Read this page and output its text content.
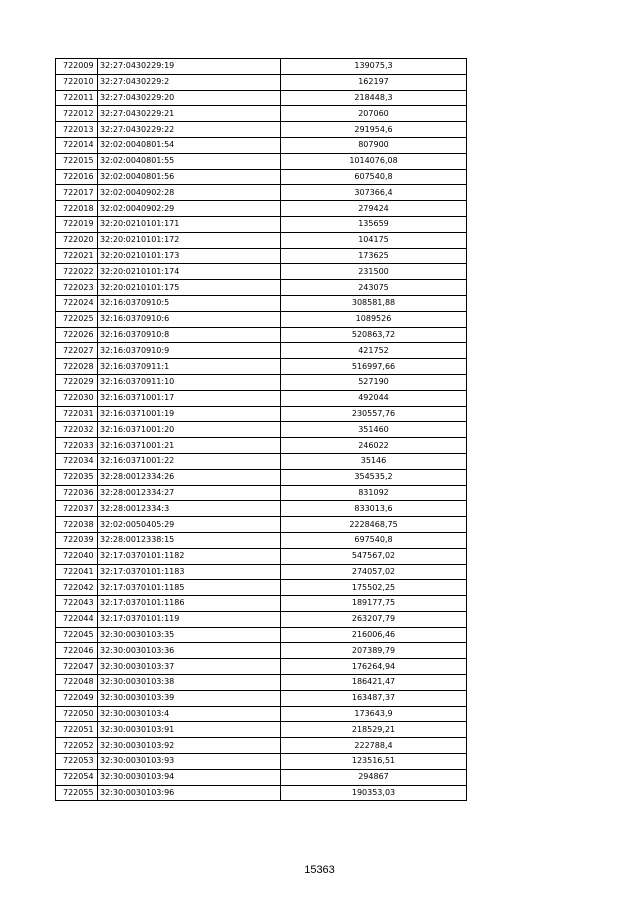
722009	32:27:0430229:19	139075,3
722010	32:27:0430229:2	162197
722011	32:27:0430229:20	218448,3
722012	32:27:0430229:21	207060
722013	32:27:0430229:22	291954,6
722014	32:02:0040801:54	807900
722015	32:02:0040801:55	1014076,08
722016	32:02:0040801:56	607540,8
722017	32:02:0040902:28	307366,4
722018	32:02:0040902:29	279424
722019	32:20:0210101:171	135659
722020	32:20:0210101:172	104175
722021	32:20:0210101:173	173625
722022	32:20:0210101:174	231500
722023	32:20:0210101:175	243075
722024	32:16:0370910:5	308581,88
722025	32:16:0370910:6	1089526
722026	32:16:0370910:8	520863,72
722027	32:16:0370910:9	421752
722028	32:16:0370911:1	516997,66
722029	32:16:0370911:10	527190
722030	32:16:0371001:17	492044
722031	32:16:0371001:19	230557,76
722032	32:16:0371001:20	351460
722033	32:16:0371001:21	246022
722034	32:16:0371001:22	35146
722035	32:28:0012334:26	354535,2
722036	32:28:0012334:27	831092
722037	32:28:0012334:3	833013,6
722038	32:02:0050405:29	2228468,75
722039	32:28:0012338:15	697540,8
722040	32:17:0370101:1182	547567,02
722041	32:17:0370101:1183	274057,02
722042	32:17:0370101:1185	175502,25
722043	32:17:0370101:1186	189177,75
722044	32:17:0370101:119	263207,79
722045	32:30:0030103:35	216006,46
722046	32:30:0030103:36	207389,79
722047	32:30:0030103:37	176264,94
722048	32:30:0030103:38	186421,47
722049	32:30:0030103:39	163487,37
722050	32:30:0030103:4	173643,9
722051	32:30:0030103:91	218529,21
722052	32:30:0030103:92	222788,4
722053	32:30:0030103:93	123516,51
722054	32:30:0030103:94	294867
722055	32:30:0030103:96	190353,03
15363
